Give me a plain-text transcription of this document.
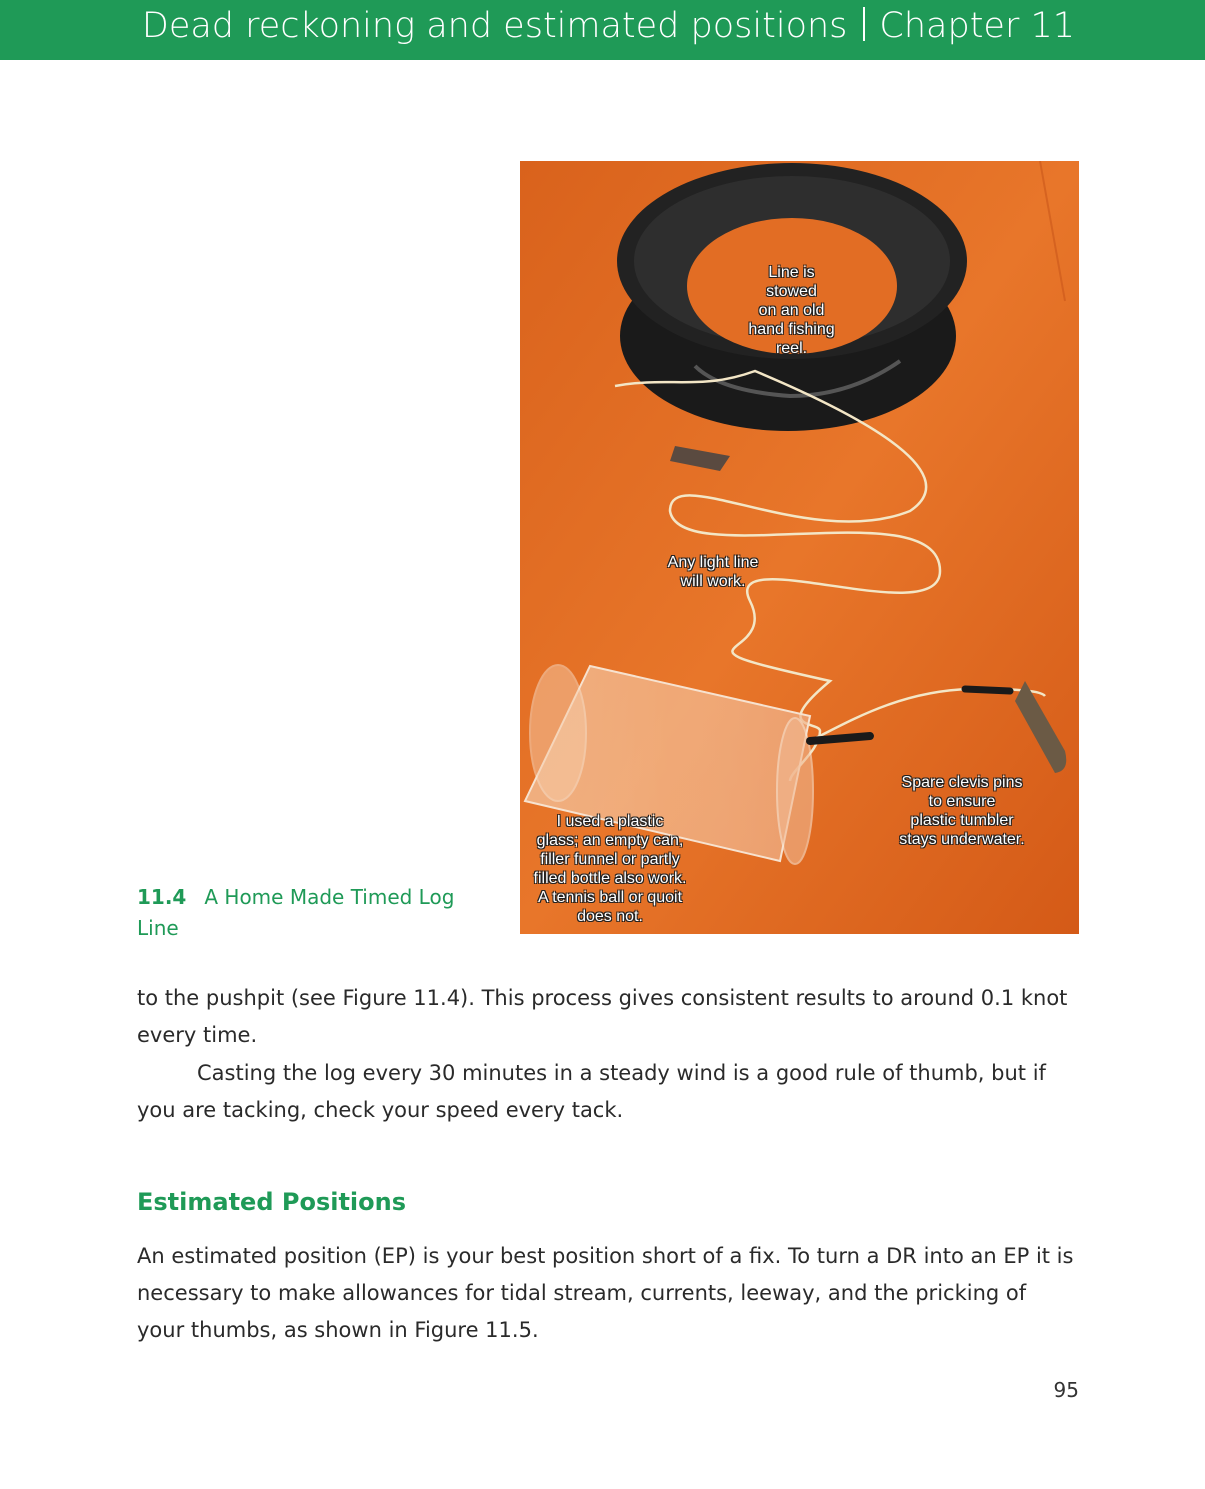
Dead reckoning and estimated positions Chapter 11
11.4 A Home Made Timed Log Line
Line is
stowed
on an old
hand fishing
reel.
Any light line
will work.
Spare clevis pins
to ensure
plastic tumbler
stays underwater.
I used a plastic
glass; an empty can,
filler funnel or partly
filled bottle also work.
A tennis ball or quoit
does not.

to the pushpit (see Figure 11.4). This process gives consistent results to around 0.1 knot every time.

Casting the log every 30 minutes in a steady wind is a good rule of thumb, but if you are tacking, check your speed every tack.

Estimated Positions

An estimated position (EP) is your best position short of a fix. To turn a DR into an EP it is necessary to make allowances for tidal stream, currents, leeway, and the pricking of your thumbs, as shown in Figure 11.5.

95
